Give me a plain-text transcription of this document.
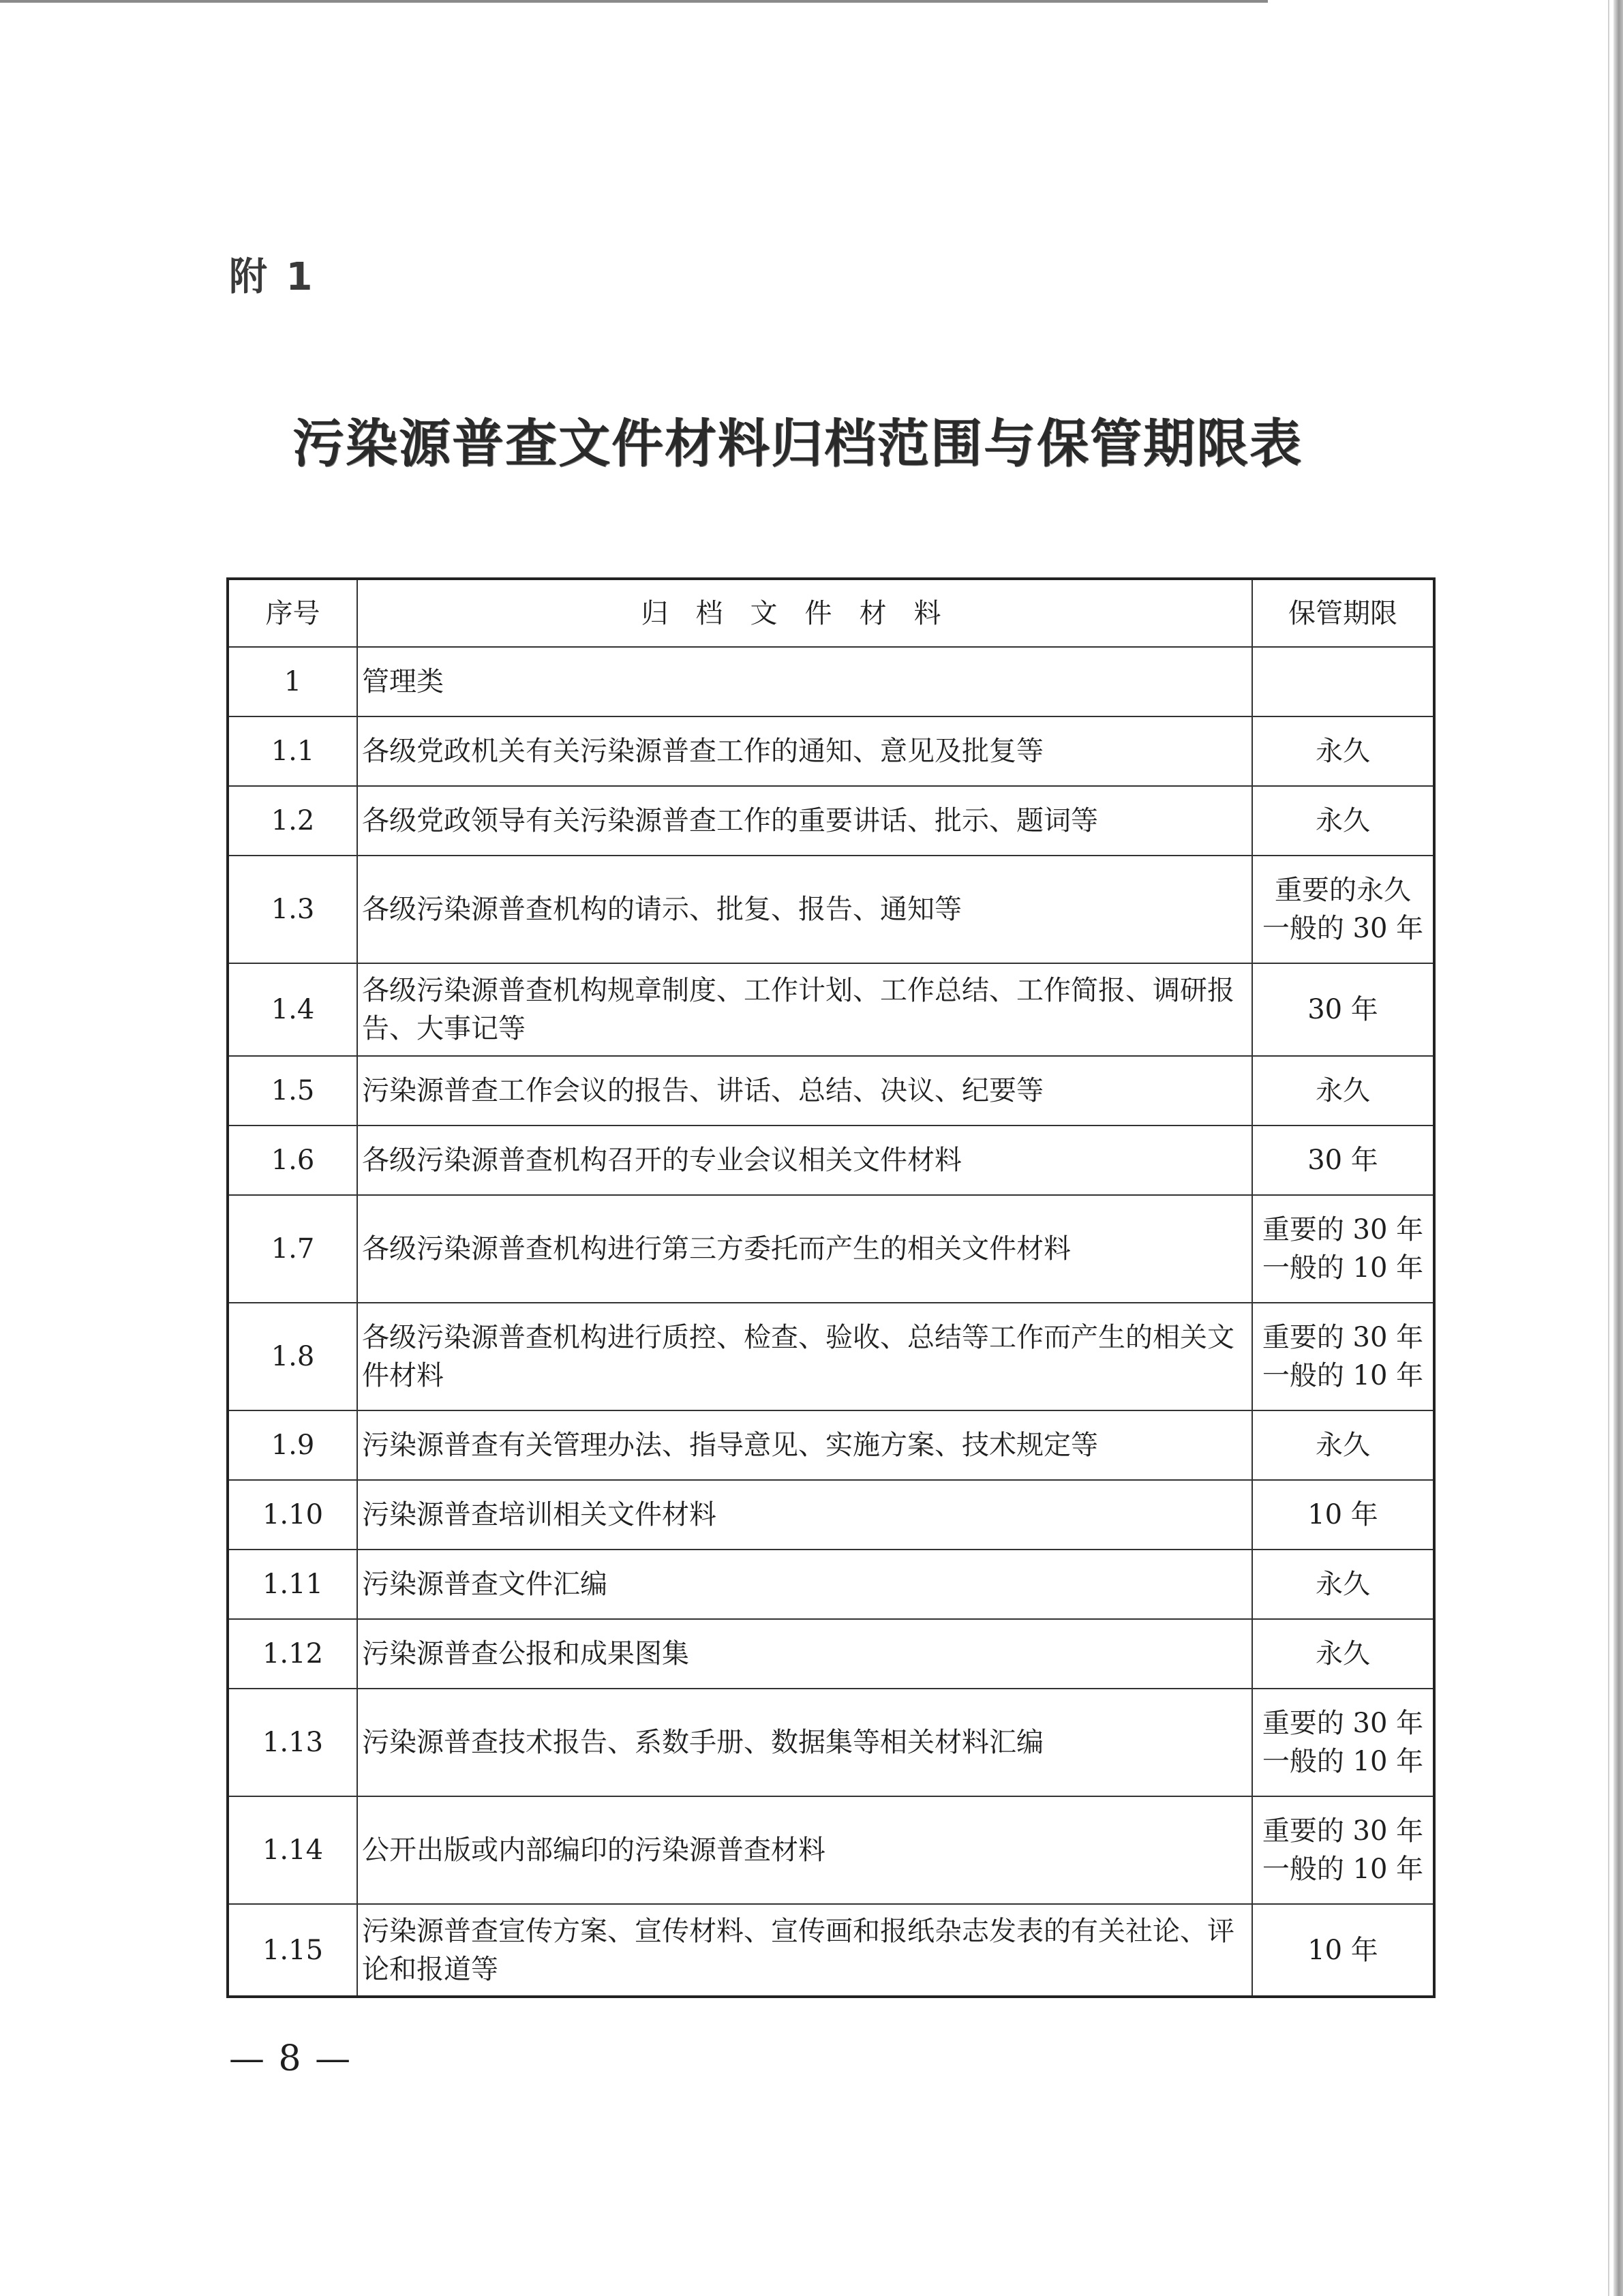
附 1
污染源普查文件材料归档范围与保管期限表
序号	归档文件材料	保管期限
1	管理类	
1.1	各级党政机关有关污染源普查工作的通知、意见及批复等	永久

1.2	各级党政领导有关污染源普查工作的重要讲话、批示、题词等	永久

1.3	各级污染源普查机构的请示、批复、报告、通知等	重要的永久
一般的 30 年

1.4	各级污染源普查机构规章制度、工作计划、工作总结、工作简报、调研报告、大事记等	30 年

1.5	污染源普查工作会议的报告、讲话、总结、决议、纪要等	永久

1.6	各级污染源普查机构召开的专业会议相关文件材料	30 年

1.7	各级污染源普查机构进行第三方委托而产生的相关文件材料	重要的 30 年
一般的 10 年

1.8	各级污染源普查机构进行质控、检查、验收、总结等工作而产生的相关文件材料	重要的 30 年
一般的 10 年

1.9	污染源普查有关管理办法、指导意见、实施方案、技术规定等	永久

1.10	污染源普查培训相关文件材料	10 年

1.11	污染源普查文件汇编	永久

1.12	污染源普查公报和成果图集	永久

1.13	污染源普查技术报告、系数手册、数据集等相关材料汇编	重要的 30 年
一般的 10 年

1.14	公开出版或内部编印的污染源普查材料	重要的 30 年
一般的 10 年

1.15	污染源普查宣传方案、宣传材料、宣传画和报纸杂志发表的有关社论、评论和报道等	10 年
— 8 —
